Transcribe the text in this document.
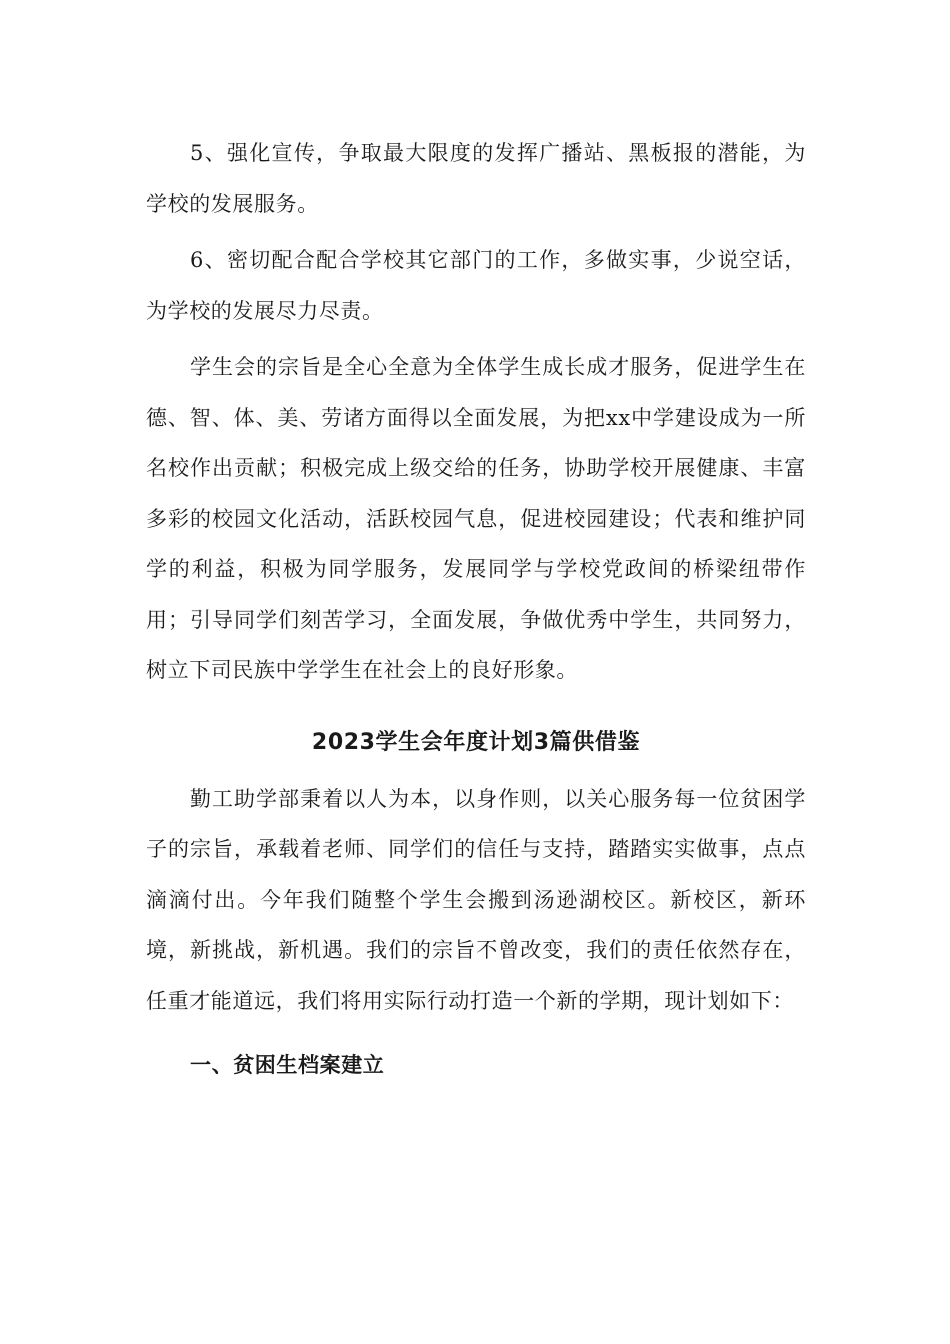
5、强化宣传，争取最大限度的发挥广播站、黑板报的潜能，为学校的发展服务。

6、密切配合配合学校其它部门的工作，多做实事，少说空话，为学校的发展尽力尽责。

学生会的宗旨是全心全意为全体学生成长成才服务，促进学生在德、智、体、美、劳诸方面得以全面发展，为把xx中学建设成为一所名校作出贡献；积极完成上级交给的任务，协助学校开展健康、丰富多彩的校园文化活动，活跃校园气息，促进校园建设；代表和维护同学的利益，积极为同学服务，发展同学与学校党政间的桥梁纽带作用；引导同学们刻苦学习，全面发展，争做优秀中学生，共同努力，树立下司民族中学学生在社会上的良好形象。

2023学生会年度计划3篇供借鉴

勤工助学部秉着以人为本，以身作则，以关心服务每一位贫困学子的宗旨，承载着老师、同学们的信任与支持，踏踏实实做事，点点滴滴付出。今年我们随整个学生会搬到汤逊湖校区。新校区，新环境，新挑战，新机遇。我们的宗旨不曾改变，我们的责任依然存在，任重才能道远，我们将用实际行动打造一个新的学期，现计划如下：

一、贫困生档案建立
